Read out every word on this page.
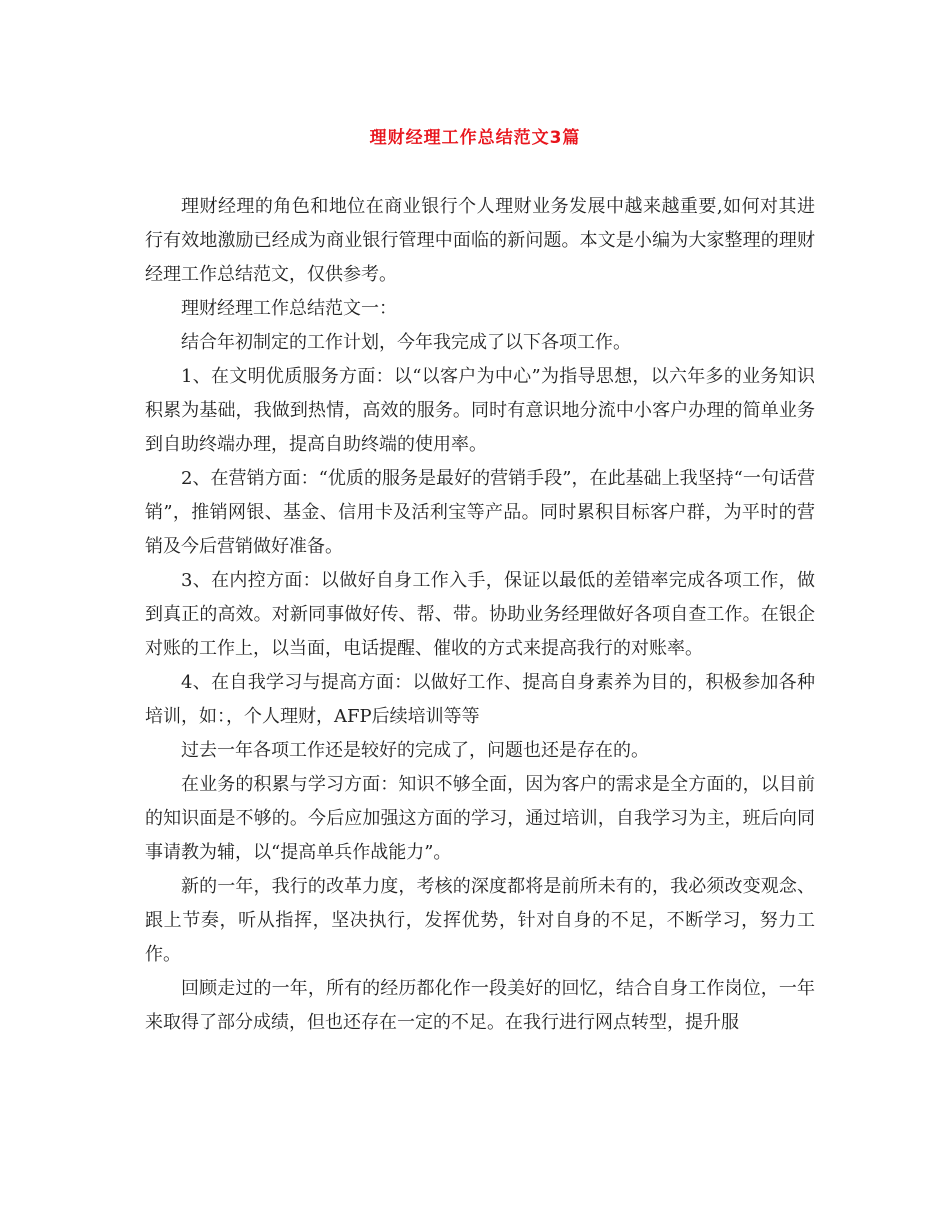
理财经理工作总结范文3篇

理财经理的角色和地位在商业银行个人理财业务发展中越来越重要,如何对其进行有效地激励已经成为商业银行管理中面临的新问题。本文是小编为大家整理的理财经理工作总结范文，仅供参考。

理财经理工作总结范文一：

结合年初制定的工作计划，今年我完成了以下各项工作。

1、在文明优质服务方面：以“以客户为中心”为指导思想，以六年多的业务知识积累为基础，我做到热情，高效的服务。同时有意识地分流中小客户办理的简单业务到自助终端办理，提高自助终端的使用率。

2、在营销方面：“优质的服务是最好的营销手段”，在此基础上我坚持“一句话营销”，推销网银、基金、信用卡及活利宝等产品。同时累积目标客户群，为平时的营销及今后营销做好准备。

3、在内控方面：以做好自身工作入手，保证以最低的差错率完成各项工作，做到真正的高效。对新同事做好传、帮、带。协助业务经理做好各项自查工作。在银企对账的工作上，以当面，电话提醒、催收的方式来提高我行的对账率。

4、在自我学习与提高方面：以做好工作、提高自身素养为目的，积极参加各种培训，如：，个人理财，AFP后续培训等等

过去一年各项工作还是较好的完成了，问题也还是存在的。

在业务的积累与学习方面：知识不够全面，因为客户的需求是全方面的，以目前的知识面是不够的。今后应加强这方面的学习，通过培训，自我学习为主，班后向同事请教为辅，以“提高单兵作战能力”。

新的一年，我行的改革力度，考核的深度都将是前所未有的，我必须改变观念、跟上节奏，听从指挥，坚决执行，发挥优势，针对自身的不足，不断学习，努力工作。

回顾走过的一年，所有的经历都化作一段美好的回忆，结合自身工作岗位，一年来取得了部分成绩，但也还存在一定的不足。在我行进行网点转型，提升服
